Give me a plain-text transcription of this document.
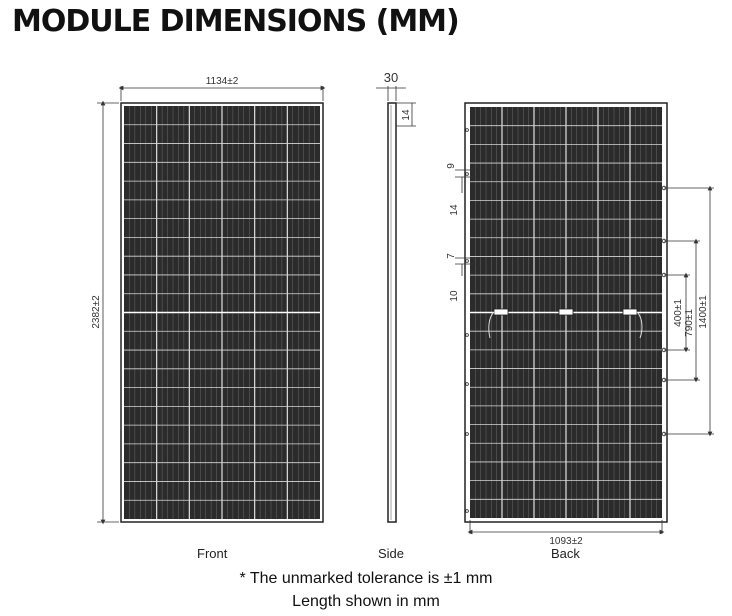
MODULE DIMENSIONS (MM)
1134±2
2382±2
30
14
1093±2
9
14
7
10
400±1 790±1 1400±1
Front	Side	Back
* The unmarked tolerance is ±1 mm
Length shown in mm
